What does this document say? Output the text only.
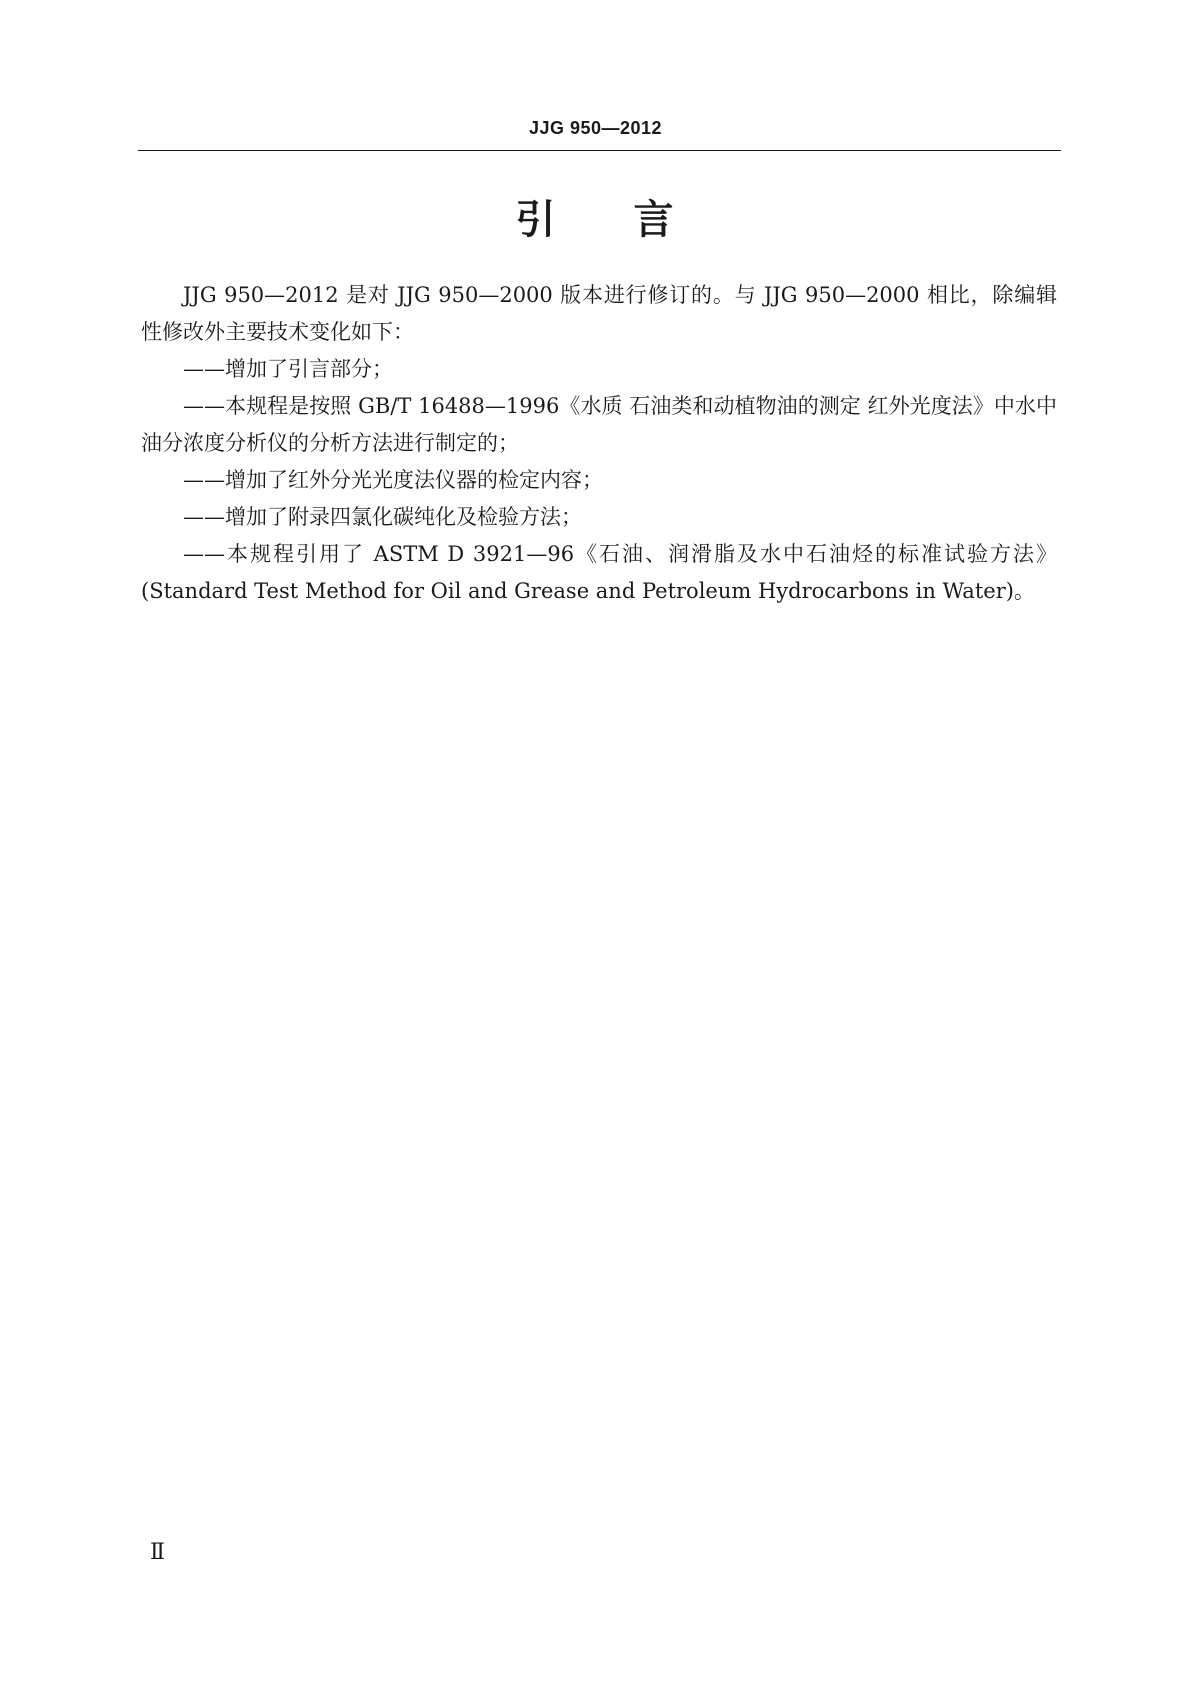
JJG 950—2012
引 言

JJG 950—2012 是对 JJG 950—2000 版本进行修订的。与 JJG 950—2000 相比，除编辑性修改外主要技术变化如下：

——增加了引言部分；

——本规程是按照 GB/T 16488—1996《水质 石油类和动植物油的测定 红外光度法》中水中油分浓度分析仪的分析方法进行制定的；

——增加了红外分光光度法仪器的检定内容；

——增加了附录四氯化碳纯化及检验方法；

——本规程引用了 ASTM D 3921—96《石油、润滑脂及水中石油烃的标准试验方法》(Standard Test Method for Oil and Grease and Petroleum Hydrocarbons in Water)。

Ⅱ
